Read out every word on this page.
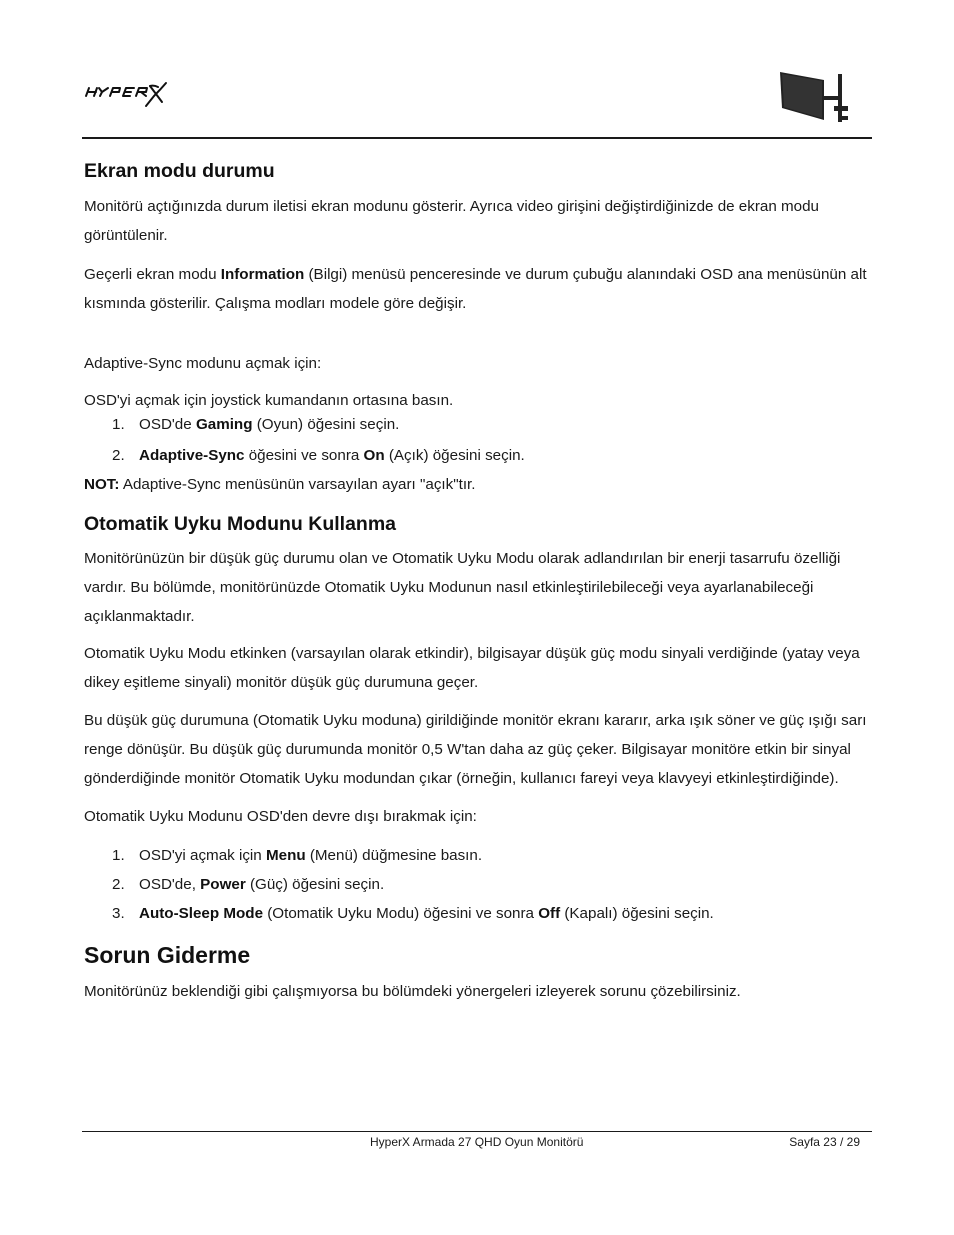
Ekran modu durumu

Monitörü açtığınızda durum iletisi ekran modunu gösterir. Ayrıca video girişini değiştirdiğinizde de ekran modu görüntülenir.

Geçerli ekran modu Information (Bilgi) menüsü penceresinde ve durum çubuğu alanındaki OSD ana menüsünün alt kısmında gösterilir. Çalışma modları modele göre değişir.

Adaptive-Sync modunu açmak için:

OSD'yi açmak için joystick kumandanın ortasına basın.

1. OSD'de Gaming (Oyun) öğesini seçin.
2. Adaptive-Sync öğesini ve sonra On (Açık) öğesini seçin.

NOT: Adaptive-Sync menüsünün varsayılan ayarı "açık"tır.

Otomatik Uyku Modunu Kullanma

Monitörünüzün bir düşük güç durumu olan ve Otomatik Uyku Modu olarak adlandırılan bir enerji tasarrufu özelliği vardır. Bu bölümde, monitörünüzde Otomatik Uyku Modunun nasıl etkinleştirilebileceği veya ayarlanabileceği açıklanmaktadır.

Otomatik Uyku Modu etkinken (varsayılan olarak etkindir), bilgisayar düşük güç modu sinyali verdiğinde (yatay veya dikey eşitleme sinyali) monitör düşük güç durumuna geçer.

Bu düşük güç durumuna (Otomatik Uyku moduna) girildiğinde monitör ekranı kararır, arka ışık söner ve güç ışığı sarı renge dönüşür. Bu düşük güç durumunda monitör 0,5 W'tan daha az güç çeker. Bilgisayar monitöre etkin bir sinyal gönderdiğinde monitör Otomatik Uyku modundan çıkar (örneğin, kullanıcı fareyi veya klavyeyi etkinleştirdiğinde).

Otomatik Uyku Modunu OSD'den devre dışı bırakmak için:

1. OSD'yi açmak için Menu (Menü) düğmesine basın.
2. OSD'de, Power (Güç) öğesini seçin.
3. Auto-Sleep Mode (Otomatik Uyku Modu) öğesini ve sonra Off (Kapalı) öğesini seçin.
Sorun Giderme

Monitörünüz beklendiği gibi çalışmıyorsa bu bölümdeki yönergeleri izleyerek sorunu çözebilirsiniz.

HyperX Armada 27 QHD Oyun Monitörü	Sayfa 23 / 29
